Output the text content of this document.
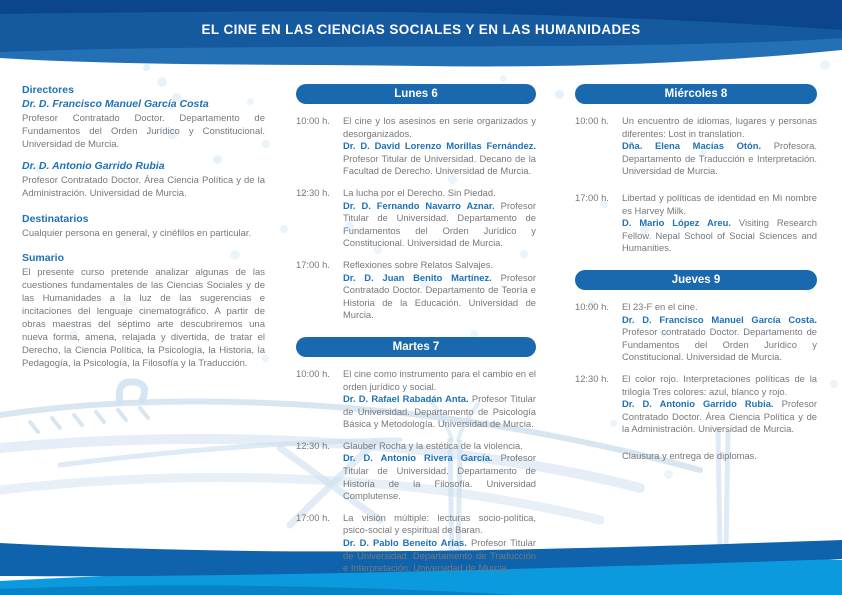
EL CINE EN LAS CIENCIAS SOCIALES Y EN LAS HUMANIDADES

Directores

Dr. D. Francisco Manuel García Costa

Profesor Contratado Doctor. Departamento de Fundamentos del Orden Jurídico y Constitucional. Universidad de Murcia.

Dr. D. Antonio Garrido Rubia

Profesor Contratado Doctor. Área Ciencia Política y de la Administración. Universidad de Murcia.

Destinatarios

Cualquier persona en general, y cinéfilos en particular.

Sumario

El presente curso pretende analizar algunas de las cuestiones fundamentales de las Ciencias Sociales y de las Humanidades a la luz de las sugerencias e incitaciones del lenguaje cinematográfico. A partir de obras maestras del séptimo arte descubriremos una nueva forma, amena, relajada y divertida, de tratar el Derecho, la Ciencia Política, la Psicología, la Historia, la Pedagogía, la Psicología, la Filosofía y la Traducción.

Lunes 6
10:00 h.	El cine y los asesinos en serie organizados y desorganizados.
Dr. D. David Lorenzo Morillas Fernández. Profesor Titular de Universidad. Decano de la Facultad de Derecho. Universidad de Murcia.
12:30 h.	La lucha por el Derecho. Sin Piedad.
Dr. D. Fernando Navarro Aznar. Profesor Titular de Universidad. Departamento de Fundamentos del Orden Jurídico y Constitucional. Universidad de Murcia.
17:00 h.	Reflexiones sobre Relatos Salvajes.
Dr. D. Juan Benito Martínez. Profesor Contratado Doctor. Departamento de Teoría e Historia de la Educación. Universidad de Murcia.
Martes 7
10:00 h.	El cine como instrumento para el cambio en el orden jurídico y social.
Dr. D. Rafael Rabadán Anta. Profesor Titular de Universidad. Departamento de Psicología Básica y Metodología. Universidad de Murcia.
12:30 h.	Glauber Rocha y la estética de la violencia.
Dr. D. Antonio Rivera García. Profesor Titular de Universidad. Departamento de Historia de la Filosofía. Universidad Complutense.
17:00 h.	La visión múltiple: lecturas socio-política, psico-social y espiritual de Baran.
Dr. D. Pablo Beneito Arias. Profesor Titular de Universidad. Departamento de Traducción e Interpretación. Universidad de Murcia.
Miércoles 8
10:00 h.	Un encuentro de idiomas, lugares y personas diferentes: Lost in translation.
Dña. Elena Macías Otón. Profesora. Departamento de Traducción e Interpretación. Universidad de Murcia.
17:00 h.	Libertad y políticas de identidad en Mi nombre es Harvey Milk.
D. Mario López Areu. Visiting Research Fellow. Nepal School of Social Sciences and Humanities.
Jueves 9
10:00 h.	El 23-F en el cine.
Dr. D. Francisco Manuel García Costa. Profesor contratado Doctor. Departamento de Fundamentos del Orden Jurídico y Constitucional. Universidad de Murcia.
12:30 h.	El color rojo. Interpretaciones políticas de la trilogía Tres colores: azul, blanco y rojo.
Dr. D. Antonio Garrido Rubia. Profesor Contratado Doctor. Área Ciencia Política y de la Administración. Universidad de Murcia.
Clausura y entrega de diplomas.
